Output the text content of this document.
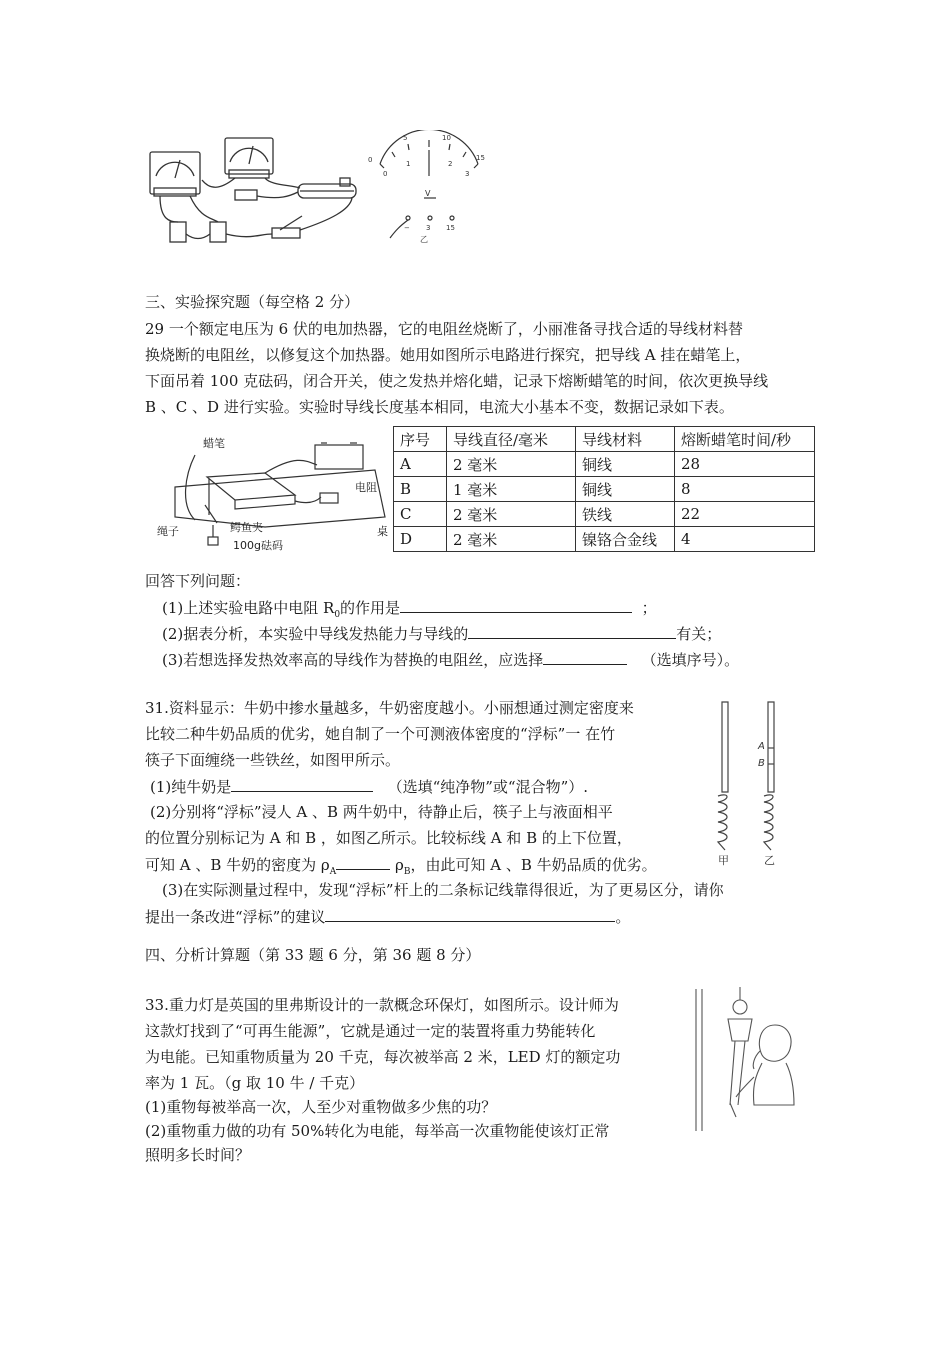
0
5	10
15
0
1	2
3
V
− 3 15
乙
三、实验探究题（每空格 2 分）
29 一个额定电压为 6 伏的电加热器，它的电阻丝烧断了，小丽准备寻找合适的导线材料替
换烧断的电阻丝，以修复这个加热器。她用如图所示电路进行探究，把导线 A 挂在蜡笔上，
下面吊着 100 克砝码，闭合开关，使之发热并熔化蜡，记录下熔断蜡笔的时间，依次更换导线
B 、C 、D 进行实验。实验时导线长度基本相同，电流大小基本不变，数据记录如下表。
蜡笔
电阻
桌
绳子	鳄鱼夹
100g砝码
序号	导线直径/毫米	导线材料	熔断蜡笔时间/秒
A	2 毫米	铜线	28
B	1 毫米	铜线	8
C	2 毫米	铁线	22
D	2 毫米	镍铬合金线	4
回答下列问题：
(1)上述实验电路中电阻 $R_0$的作用是	；
(2)据表分析，本实验中导线发热能力与导线的	有关；
(3)若想选择发热效率高的导线作为替换的电阻丝，应选择	（选填序号）。
31.资料显示：牛奶中掺水量越多，牛奶密度越小。小丽想通过测定密度来
比较二种牛奶品质的优劣，她自制了一个可测液体密度的“浮标”一 在竹
筷子下面缠绕一些铁丝，如图甲所示。
(1)纯牛奶是	（选填“纯净物”或“混合物”）.
(2)分别将“浮标”浸人 A 、B 两牛奶中，待静止后，筷子上与液面相平
的位置分别标记为 A 和 B ，如图乙所示。比较标线 A 和 B 的上下位置，
可知 A 、B 牛奶的密度为 $\rho_A$	$\rho_B$，由此可知 A 、B 牛奶品质的优劣。
(3)在实际测量过程中，发现“浮标”杆上的二条标记线靠得很近，为了更易区分，请你
提出一条改进“浮标”的建议	。
A
B
甲	乙
四、分析计算题（第 33 题 6 分，第 36 题 8 分）
33.重力灯是英国的里弗斯设计的一款概念环保灯，如图所示。设计师为
这款灯找到了“可再生能源”，它就是通过一定的装置将重力势能转化
为电能。已知重物质量为 20 千克，每次被举高 2 米，LED 灯的额定功
率为 1 瓦。（g 取 10 牛 / 千克）
(1)重物每被举高一次，人至少对重物做多少焦的功？
(2)重物重力做的功有 50%转化为电能，每举高一次重物能使该灯正常
照明多长时间？
